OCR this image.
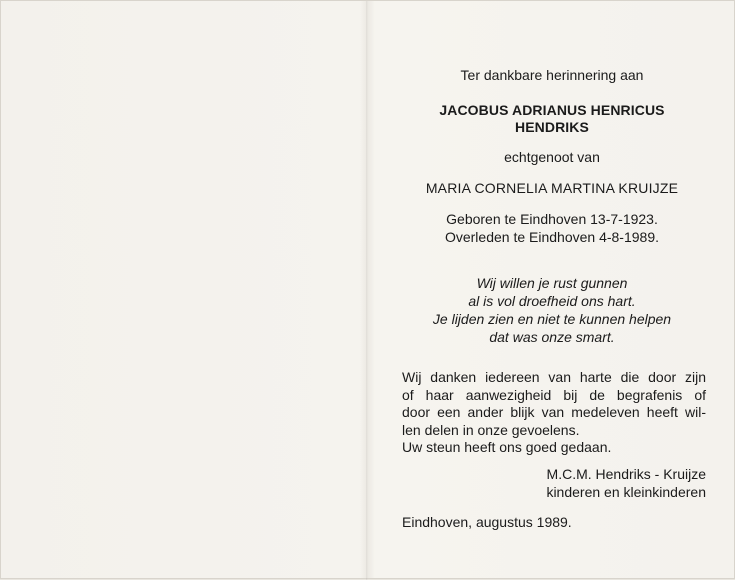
Ter dankbare herinnering aan
JACOBUS ADRIANUS HENRICUS
HENDRIKS
echtgenoot van
MARIA CORNELIA MARTINA KRUIJZE
Geboren te Eindhoven 13-7-1923.
Overleden te Eindhoven 4-8-1989.
Wij willen je rust gunnen
al is vol droefheid ons hart.
Je lijden zien en niet te kunnen helpen
dat was onze smart.
Wij danken iedereen van harte die door zijn
of haar aanwezigheid bij de begrafenis of
door een ander blijk van medeleven heeft wil-
len delen in onze gevoelens.
Uw steun heeft ons goed gedaan.
M.C.M. Hendriks - Kruijze
kinderen en kleinkinderen
Eindhoven, augustus 1989.
